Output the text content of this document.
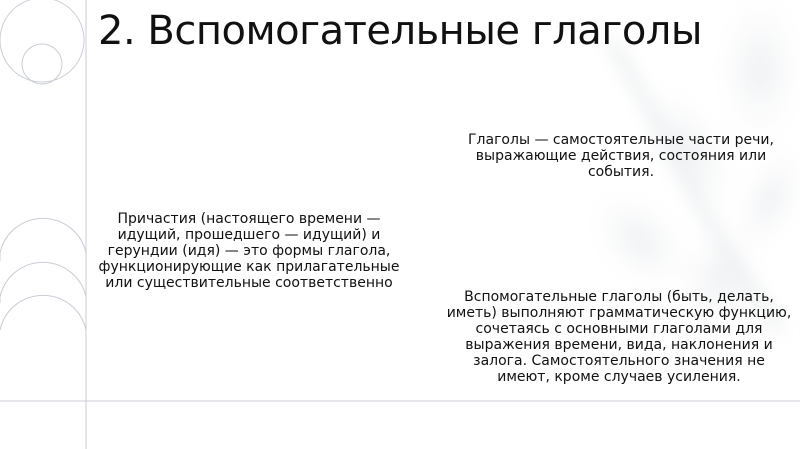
2. Вспомогательные глаголы

Глаголы — самостоятельные части речи, выражающие действия, состояния или события.

Причастия (настоящего времени — идущий, прошедшего — идущий) и герундии (идя) — это формы глагола, функционирующие как прилагательные или существительные соответственно

Вспомогательные глаголы (быть, делать, иметь) выполняют грамматическую функцию, сочетаясь с основными глаголами для выражения времени, вида, наклонения и залога. Самостоятельного значения не имеют, кроме случаев усиления.
